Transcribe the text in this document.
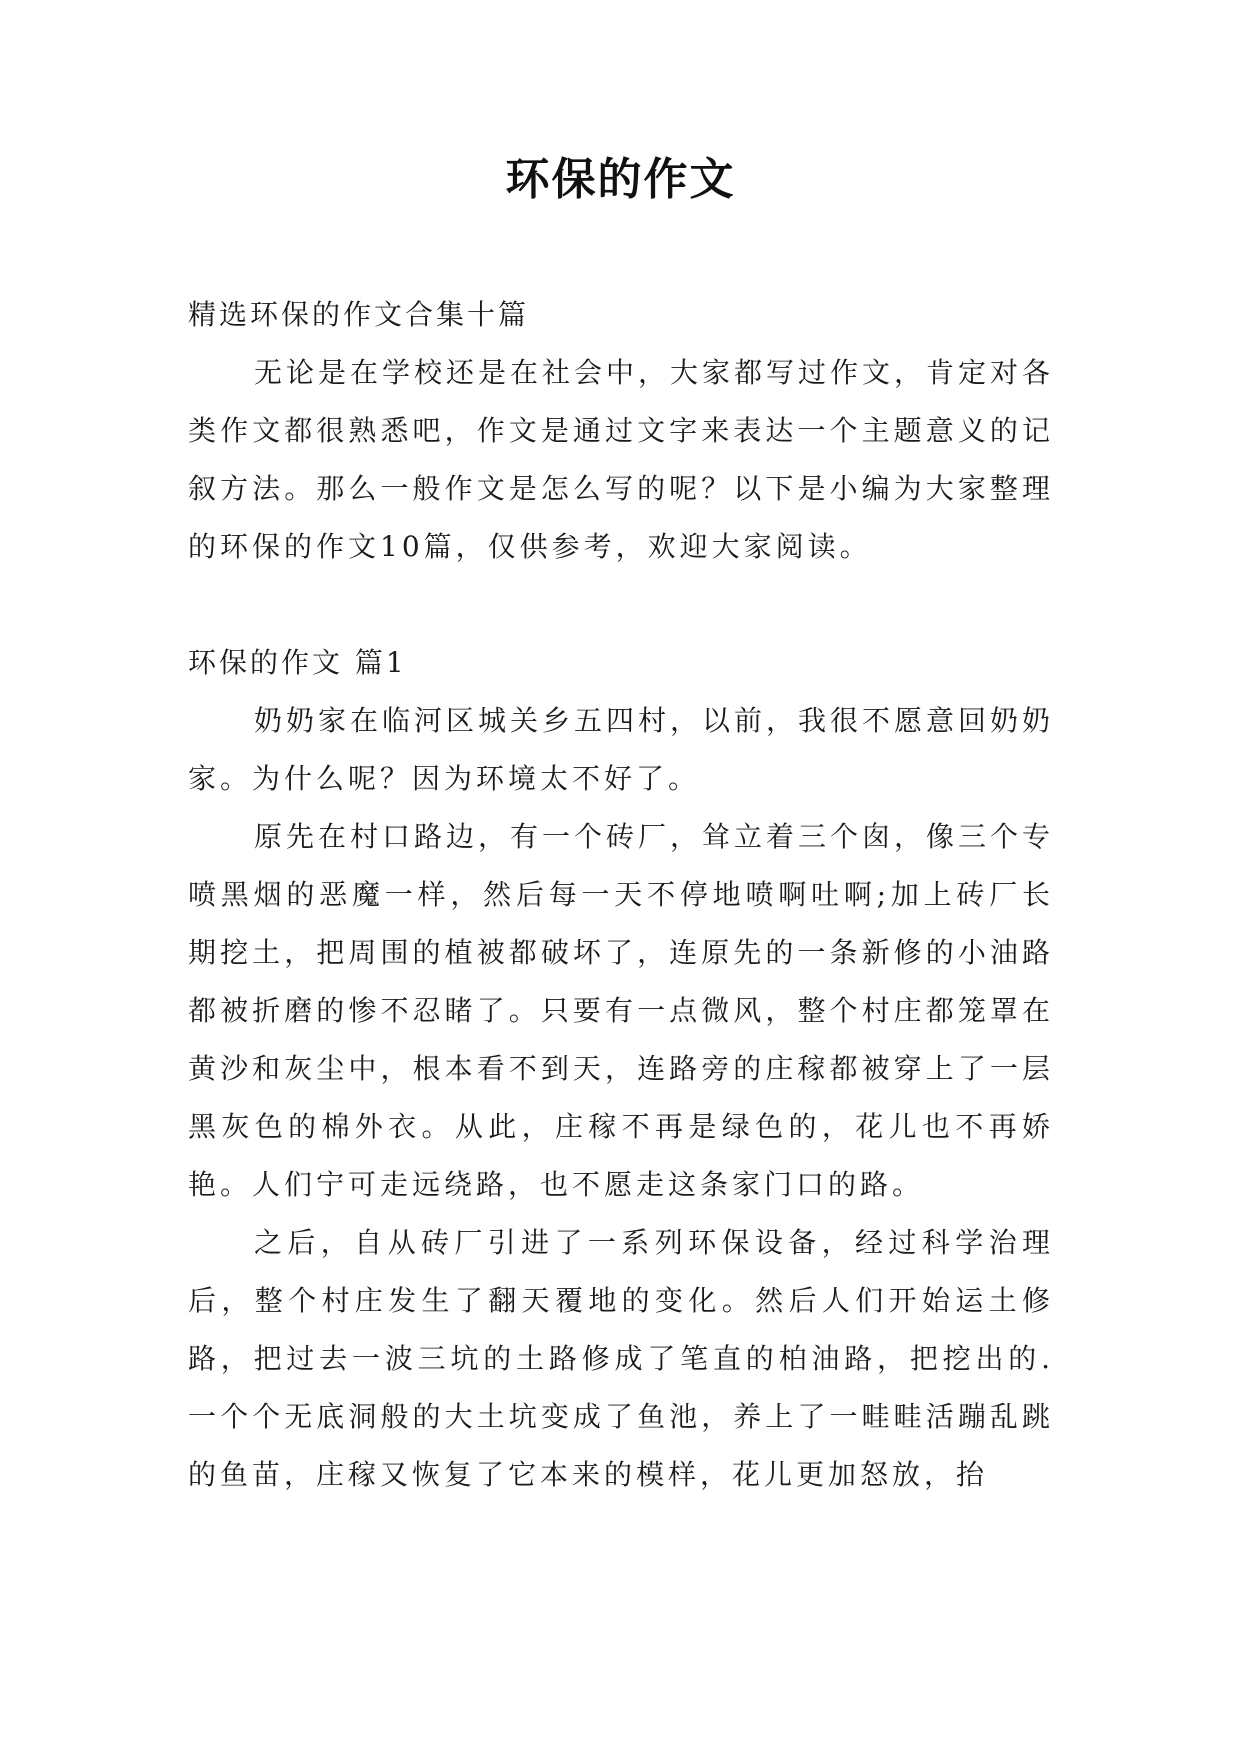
环保的作文

精选环保的作文合集十篇

无论是在学校还是在社会中，大家都写过作文，肯定对各类作文都很熟悉吧，作文是通过文字来表达一个主题意义的记叙方法。那么一般作文是怎么写的呢？以下是小编为大家整理的环保的作文10篇，仅供参考，欢迎大家阅读。

环保的作文 篇1

奶奶家在临河区城关乡五四村，以前，我很不愿意回奶奶家。为什么呢？因为环境太不好了。

原先在村口路边，有一个砖厂，耸立着三个囱，像三个专喷黑烟的恶魔一样，然后每一天不停地喷啊吐啊;加上砖厂长期挖土，把周围的植被都破坏了，连原先的一条新修的小油路都被折磨的惨不忍睹了。只要有一点微风，整个村庄都笼罩在黄沙和灰尘中，根本看不到天，连路旁的庄稼都被穿上了一层黑灰色的棉外衣。从此，庄稼不再是绿色的，花儿也不再娇艳。人们宁可走远绕路，也不愿走这条家门口的路。

之后，自从砖厂引进了一系列环保设备，经过科学治理后，整个村庄发生了翻天覆地的变化。然后人们开始运土修路，把过去一波三坑的土路修成了笔直的柏油路，把挖出的.一个个无底洞般的大土坑变成了鱼池，养上了一畦畦活蹦乱跳的鱼苗，庄稼又恢复了它本来的模样，花儿更加怒放，抬
